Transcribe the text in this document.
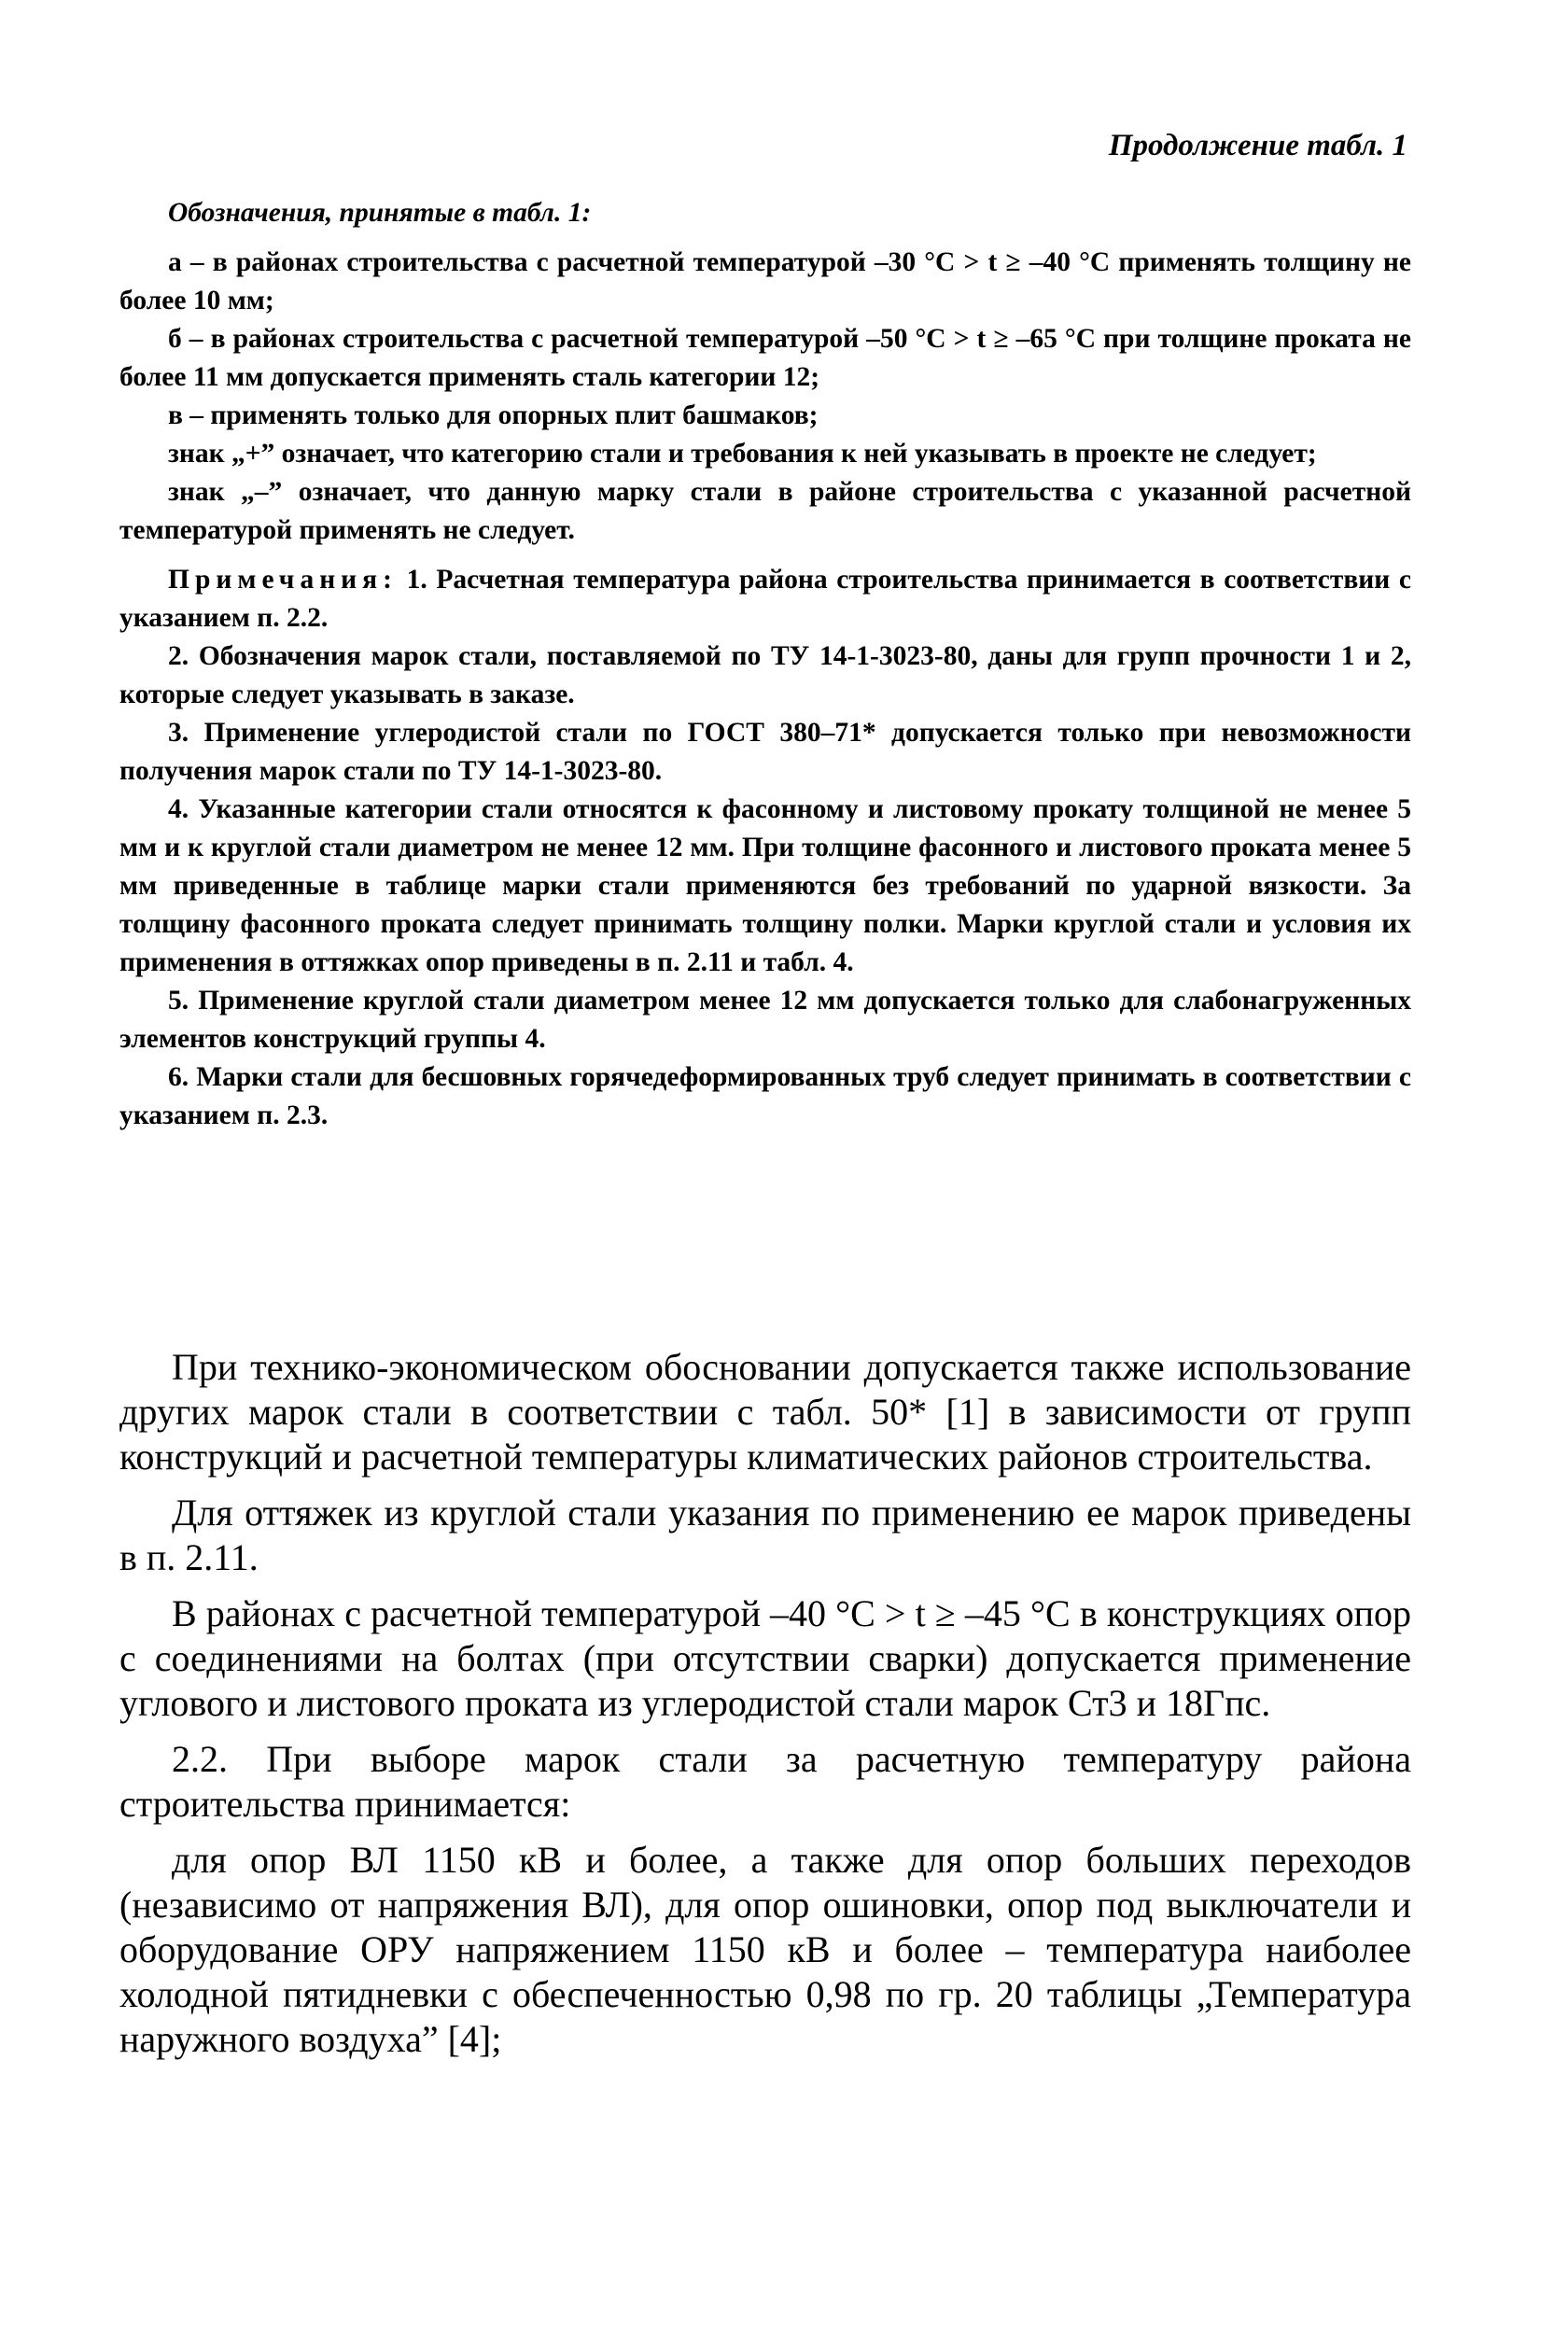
Продолжение табл. 1

Обозначения, принятые в табл. 1:

а – в районах строительства с расчетной температурой –30 °С > t ≥ –40 °С применять толщину не более 10 мм;

б – в районах строительства с расчетной температурой –50 °С > t ≥ –65 °С при толщине проката не более 11 мм допускается применять сталь категории 12;

в – применять только для опорных плит башмаков;

знак „+” означает, что категорию стали и требования к ней указывать в проекте не следует;

знак „–” означает, что данную марку стали в районе строительства с указанной расчетной температурой применять не следует.

Примечания: 1. Расчетная температура района строительства принимается в соответствии с указанием п. 2.2.

2. Обозначения марок стали, поставляемой по ТУ 14-1-3023-80, даны для групп прочности 1 и 2, которые следует указывать в заказе.

3. Применение углеродистой стали по ГОСТ 380–71* допускается только при невозможности получения марок стали по ТУ 14-1-3023-80.

4. Указанные категории стали относятся к фасонному и листовому прокату толщиной не менее 5 мм и к круглой стали диаметром не менее 12 мм. При толщине фасонного и листового проката менее 5 мм приведенные в таблице марки стали применяются без требований по ударной вязкости. За толщину фасонного проката следует принимать толщину полки. Марки круглой стали и условия их применения в оттяжках опор приведены в п. 2.11 и табл. 4.

5. Применение круглой стали диаметром менее 12 мм допускается только для слабонагруженных элементов конструкций группы 4.

6. Марки стали для бесшовных горячедеформированных труб следует принимать в соответствии с указанием п. 2.3.

При технико-экономическом обосновании допускается также использование других марок стали в соответствии с табл. 50* [1] в зависимости от групп конструкций и расчетной температуры климатических районов строительства.

Для оттяжек из круглой стали указания по применению ее марок приведены в п. 2.11.

В районах с расчетной температурой –40 °С > t ≥ –45 °С в конструкциях опор с соединениями на болтах (при отсутствии сварки) допускается применение углового и листового проката из углеродистой стали марок Ст3 и 18Гпс.

2.2. При выборе марок стали за расчетную температуру района строительства принимается:

для опор ВЛ 1150 кВ и более, а также для опор больших переходов (независимо от напряжения ВЛ), для опор ошиновки, опор под выключатели и оборудование ОРУ напряжением 1150 кВ и более – температура наиболее холодной пятидневки с обеспеченностью 0,98 по гр. 20 таблицы „Температура наружного воздуха” [4];
